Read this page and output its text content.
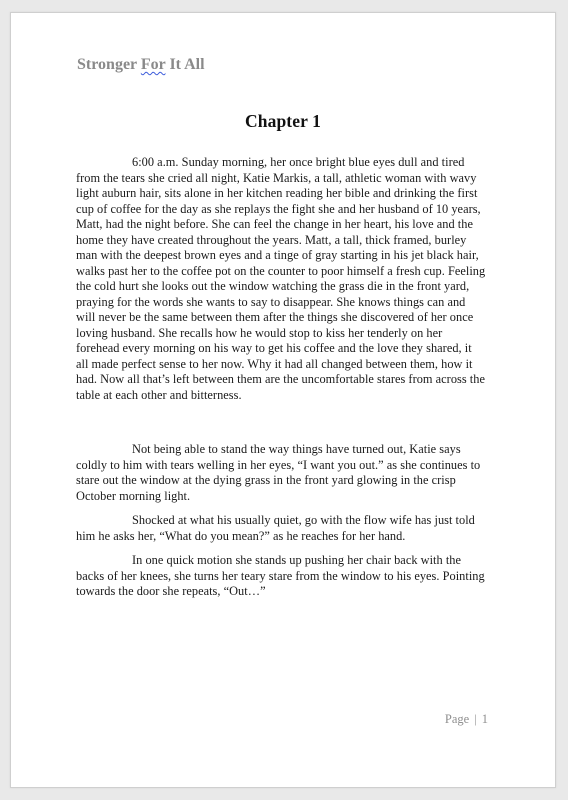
Stronger For It All
Chapter 1

6:00 a.m. Sunday morning, her once bright blue eyes dull and tired from the tears she cried all night, Katie Markis, a tall, athletic woman with wavy light auburn hair, sits alone in her kitchen reading her bible and drinking the first cup of coffee for the day as she replays the fight she and her husband of 10 years, Matt, had the night before. She can feel the change in her heart, his love and the home they have created throughout the years. Matt, a tall, thick framed, burley man with the deepest brown eyes and a tinge of gray starting in his jet black hair, walks past her to the coffee pot on the counter to poor himself a fresh cup. Feeling the cold hurt she looks out the window watching the grass die in the front yard, praying for the words she wants to say to disappear. She knows things can and will never be the same between them after the things she discovered of her once loving husband. She recalls how he would stop to kiss her tenderly on her forehead every morning on his way to get his coffee and the love they shared, it all made perfect sense to her now. Why it had all changed between them, how it had. Now all that’s left between them are the uncomfortable stares from across the table at each other and bitterness.

Not being able to stand the way things have turned out, Katie says coldly to him with tears welling in her eyes, “I want you out.” as she continues to stare out the window at the dying grass in the front yard glowing in the crisp October morning light.

Shocked at what his usually quiet, go with the flow wife has just told him he asks her, “What do you mean?” as he reaches for her hand.

In one quick motion she stands up pushing her chair back with the backs of her knees, she turns her teary stare from the window to his eyes. Pointing towards the door she repeats, “Out…”

Page | 1
